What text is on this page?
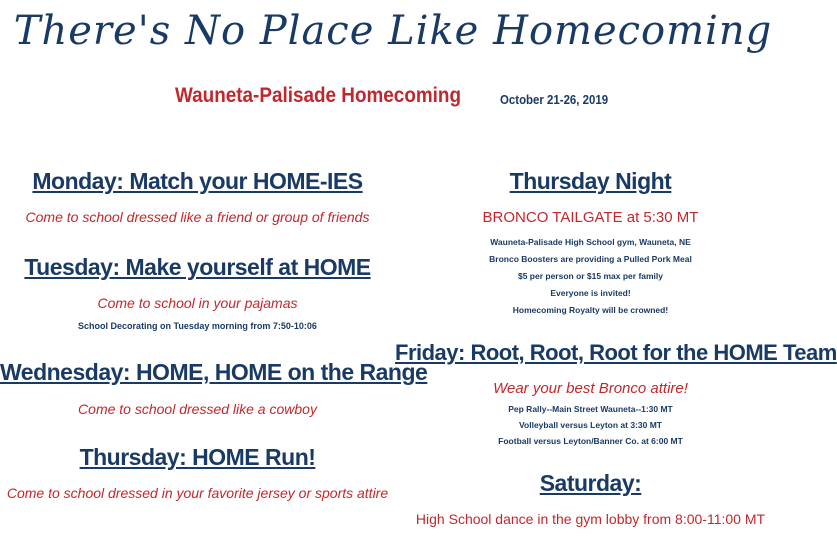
There's No Place Like Homecoming
Wauneta-Palisade Homecoming	October 21-26, 2019
Monday: Match your HOME-IES
Come to school dressed like a friend or group of friends
Tuesday: Make yourself at HOME
Come to school in your pajamas
School Decorating on Tuesday morning from 7:50-10:06
Wednesday: HOME, HOME on the Range
Come to school dressed like a cowboy
Thursday: HOME Run!
Come to school dressed in your favorite jersey or sports attire
Thursday Night
BRONCO TAILGATE at 5:30 MT
Wauneta-Palisade High School gym, Wauneta, NE
Bronco Boosters are providing a Pulled Pork Meal
$5 per person or $15 max per family
Everyone is invited!
Homecoming Royalty will be crowned!
Friday: Root, Root, Root for the HOME Team
Wear your best Bronco attire!
Pep Rally--Main Street Wauneta--1:30 MT
Volleyball versus Leyton at 3:30 MT
Football versus Leyton/Banner Co. at 6:00 MT
Saturday:
High School dance in the gym lobby from 8:00-11:00 MT
